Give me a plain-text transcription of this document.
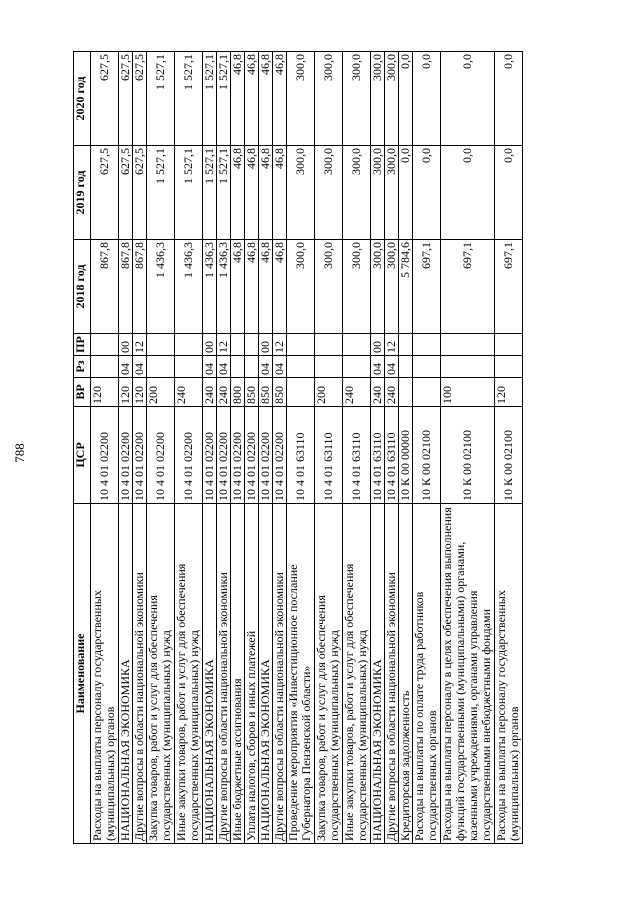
788
Наименование	ЦСР	ВР	Рз	ПР	2018 год	2019 год	2020 год
Расходы на выплаты персоналу государственных (муниципальных) органов	10 4 01 02200	120			867,8	627,5	627,5
НАЦИОНАЛЬНАЯ ЭКОНОМИКА	10 4 01 02200	120	04	00	867,8	627,5	627,5
Другие вопросы в области национальной экономики	10 4 01 02200	120	04	12	867,8	627,5	627,5
Закупка товаров, работ и услуг для обеспечения государственных (муниципальных) нужд	10 4 01 02200	200			1 436,3	1 527,1	1 527,1
Иные закупки товаров, работ и услуг для обеспечения государственных (муниципальных) нужд	10 4 01 02200	240			1 436,3	1 527,1	1 527,1
НАЦИОНАЛЬНАЯ ЭКОНОМИКА	10 4 01 02200	240	04	00	1 436,3	1 527,1	1 527,1
Другие вопросы в области национальной экономики	10 4 01 02200	240	04	12	1 436,3	1 527,1	1 527,1
Иные бюджетные ассигнования	10 4 01 02200	800			46,8	46,8	46,8
Уплата налогов, сборов и иных платежей	10 4 01 02200	850			46,8	46,8	46,8
НАЦИОНАЛЬНАЯ ЭКОНОМИКА	10 4 01 02200	850	04	00	46,8	46,8	46,8
Другие вопросы в области национальной экономики	10 4 01 02200	850	04	12	46,8	46,8	46,8
Проведение мероприятия «Инвестиционное послание Губернатора Пензенской области»	10 4 01 63110				300,0	300,0	300,0
Закупка товаров, работ и услуг для обеспечения государственных (муниципальных) нужд	10 4 01 63110	200			300,0	300,0	300,0
Иные закупки товаров, работ и услуг для обеспечения государственных (муниципальных) нужд	10 4 01 63110	240			300,0	300,0	300,0
НАЦИОНАЛЬНАЯ ЭКОНОМИКА	10 4 01 63110	240	04	00	300,0	300,0	300,0
Другие вопросы в области национальной экономики	10 4 01 63110	240	04	12	300,0	300,0	300,0
Кредиторская задолженность	10 К 00 00000				5 784,6	0,0	0,0
Расходы на выплаты по оплате труда работников государственных органов	10 К 00 02100				697,1	0,0	0,0
Расходы на выплаты персоналу в целях обеспечения выполнения функций государственными (муниципальными) органами, казенными учреждениями, органами управления государственными внебюджетными фондами	10 К 00 02100	100			697,1	0,0	0,0
Расходы на выплаты персоналу государственных (муниципальных) органов	10 К 00 02100	120			697,1	0,0	0,0
